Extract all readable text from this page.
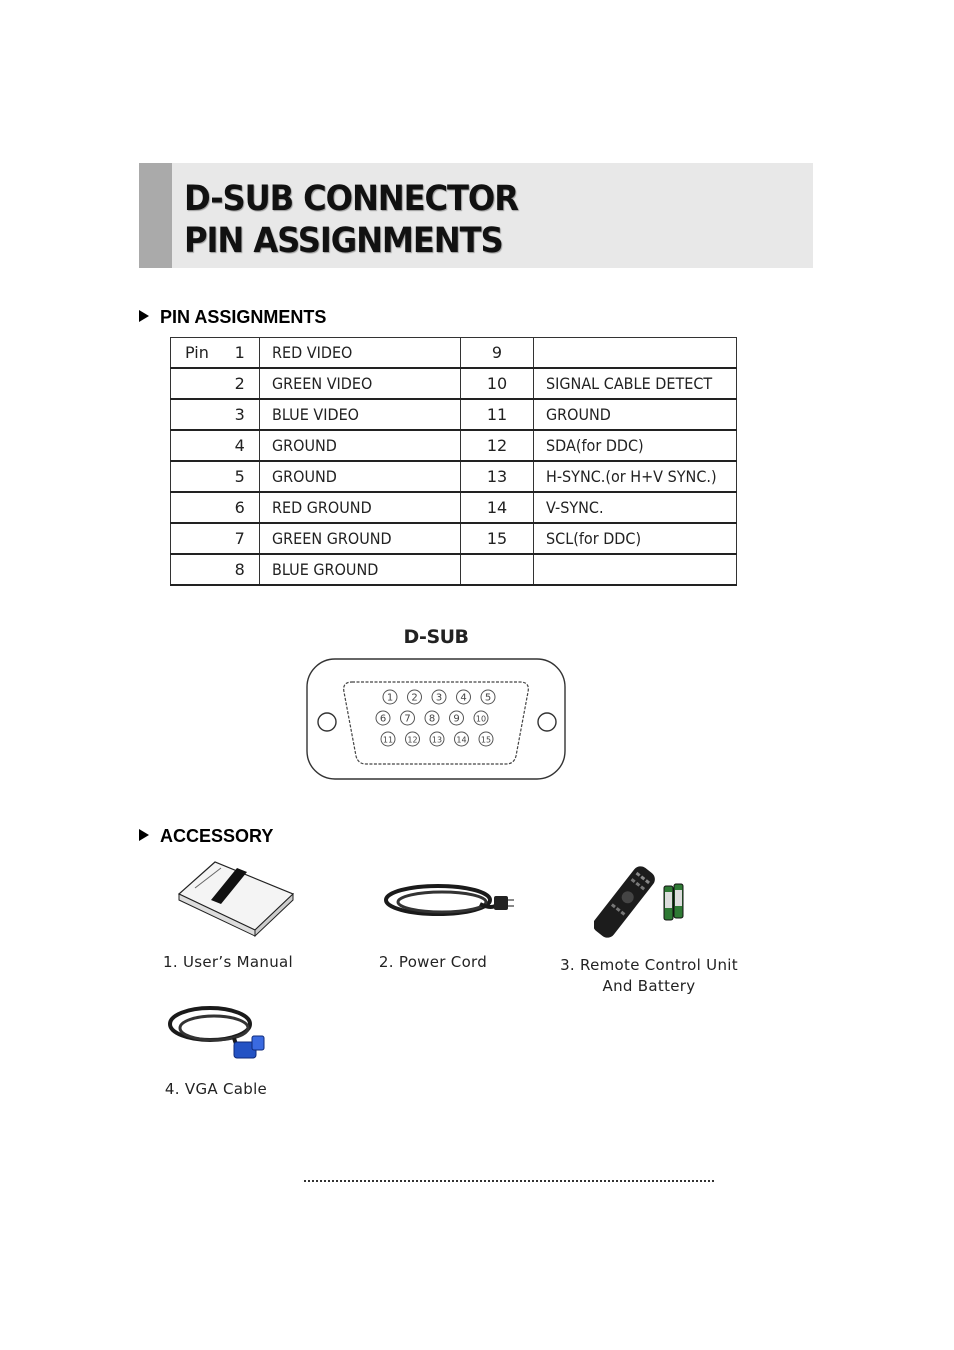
D-SUB CONNECTOR
PIN ASSIGNMENTS
PIN ASSIGNMENTS
Pin 1	RED VIDEO	9	
2	GREEN VIDEO	10	SIGNAL CABLE DETECT
3	BLUE VIDEO	11	GROUND
4	GROUND	12	SDA(for DDC)
5	GROUND	13	H-SYNC.(or H+V SYNC.)
6	RED GROUND	14	V-SYNC.
7	GREEN GROUND	15	SCL(for DDC)
8	BLUE GROUND		
D-SUB
1 2 3 4 5
6 7 8 9 10
11 12 13 14 15
ACCESSORY
1. User’s Manual	2. Power Cord	3. Remote Control Unit
And Battery
4. VGA Cable
